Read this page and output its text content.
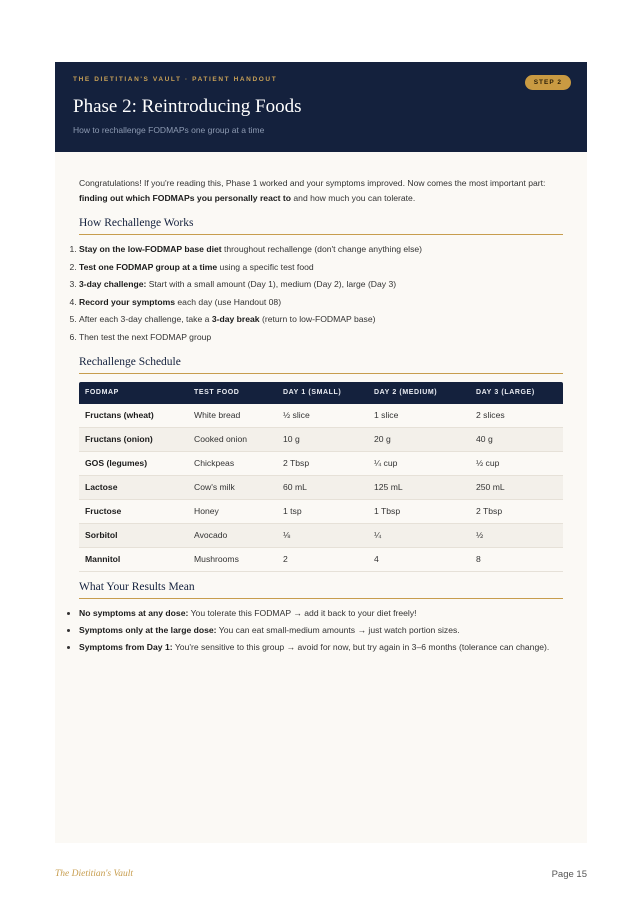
THE DIETITIAN'S VAULT · PATIENT HANDOUT	STEP 2
Phase 2: Reintroducing Foods
How to rechallenge FODMAPs one group at a time

Congratulations! If you're reading this, Phase 1 worked and your symptoms improved. Now comes the most important part: finding out which FODMAPs you personally react to and how much you can tolerate.

How Rechallenge Works
1. Stay on the low-FODMAP base diet throughout rechallenge (don't change anything else)
2. Test one FODMAP group at a time using a specific test food
3. 3-day challenge: Start with a small amount (Day 1), medium (Day 2), large (Day 3)
4. Record your symptoms each day (use Handout 08)
5. After each 3-day challenge, take a 3-day break (return to low-FODMAP base)
6. Then test the next FODMAP group
Rechallenge Schedule
FODMAP	TEST FOOD	DAY 1 (SMALL)	DAY 2 (MEDIUM)	DAY 3 (LARGE)
Fructans (wheat)	White bread	½ slice	1 slice	2 slices
Fructans (onion)	Cooked onion	10 g	20 g	40 g
GOS (legumes)	Chickpeas	2 Tbsp	¼ cup	½ cup
Lactose	Cow's milk	60 mL	125 mL	250 mL
Fructose	Honey	1 tsp	1 Tbsp	2 Tbsp
Sorbitol	Avocado	⅛	¼	½
Mannitol	Mushrooms	2	4	8
What Your Results Mean
• No symptoms at any dose: You tolerate this FODMAP → add it back to your diet freely!
• Symptoms only at the large dose: You can eat small-medium amounts → just watch portion sizes.
• Symptoms from Day 1: You're sensitive to this group → avoid for now, but try again in 3–6 months (tolerance can change).
The Dietitian's Vault	Page 15
